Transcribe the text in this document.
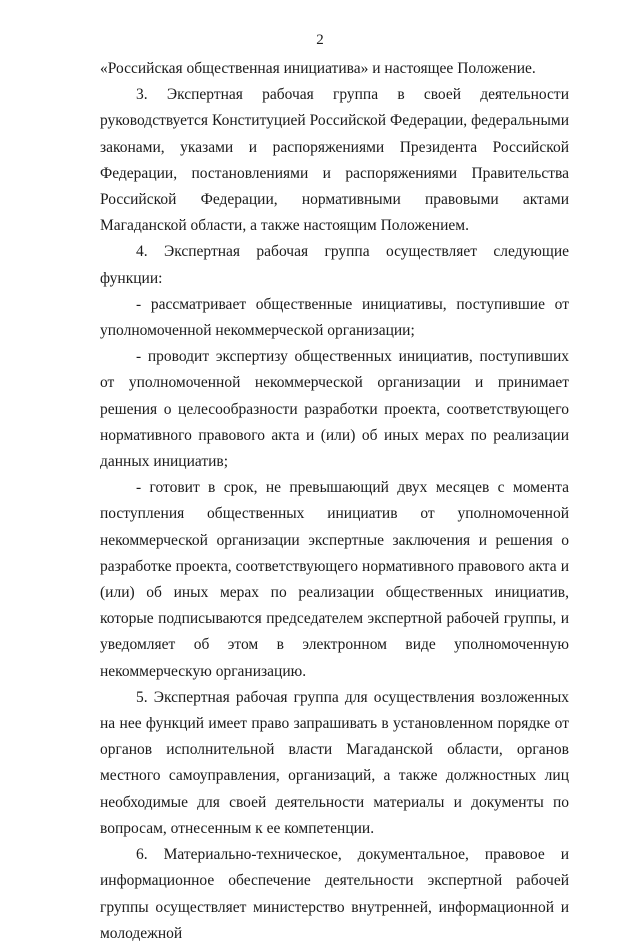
2

«Российская общественная инициатива» и настоящее Положение.

3. Экспертная рабочая группа в своей деятельности руководствуется Конституцией Российской Федерации, федеральными законами, указами и распоряжениями Президента Российской Федерации, постановлениями и распоряжениями Правительства Российской Федерации, нормативными правовыми актами Магаданской области, а также настоящим Положением.

4. Экспертная рабочая группа осуществляет следующие функции:

- рассматривает общественные инициативы, поступившие от уполномоченной некоммерческой организации;

- проводит экспертизу общественных инициатив, поступивших от уполномоченной некоммерческой организации и принимает решения о целесообразности разработки проекта, соответствующего нормативного правового акта и (или) об иных мерах по реализации данных инициатив;

- готовит в срок, не превышающий двух месяцев с момента поступления общественных инициатив от уполномоченной некоммерческой организации экспертные заключения и решения о разработке проекта, соответствующего нормативного правового акта и (или) об иных мерах по реализации общественных инициатив, которые подписываются председателем экспертной рабочей группы, и уведомляет об этом в электронном виде уполномоченную некоммерческую организацию.

5. Экспертная рабочая группа для осуществления возложенных на нее функций имеет право запрашивать в установленном порядке от органов исполнительной власти Магаданской области, органов местного самоуправления, организаций, а также должностных лиц необходимые для своей деятельности материалы и документы по вопросам, отнесенным к ее компетенции.

6. Материально-техническое, документальное, правовое и информационное обеспечение деятельности экспертной рабочей группы осуществляет министерство внутренней, информационной и молодежной
